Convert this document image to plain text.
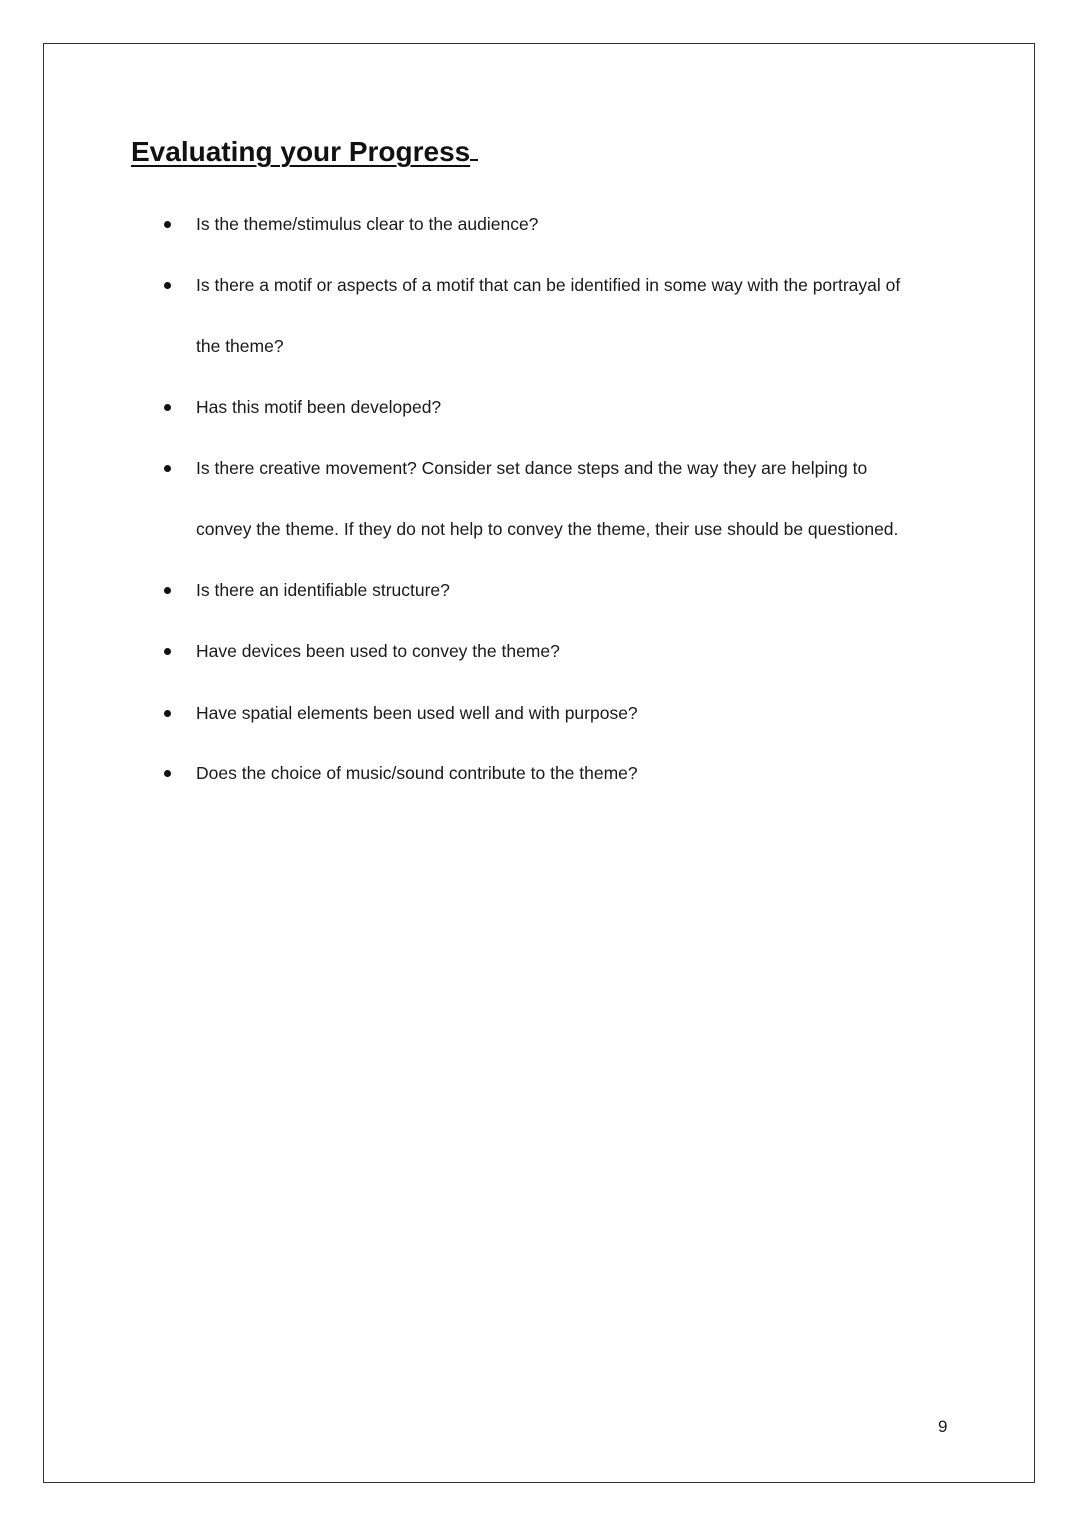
Evaluating your Progress
Is the theme/stimulus clear to the audience?
Is there a motif or aspects of a motif that can be identified in some way with the portrayal of
the theme?
Has this motif been developed?
Is there creative movement? Consider set dance steps and the way they are helping to
convey the theme. If they do not help to convey the theme, their use should be questioned.
Is there an identifiable structure?
Have devices been used to convey the theme?
Have spatial elements been used well and with purpose?
Does the choice of music/sound contribute to the theme?
9
